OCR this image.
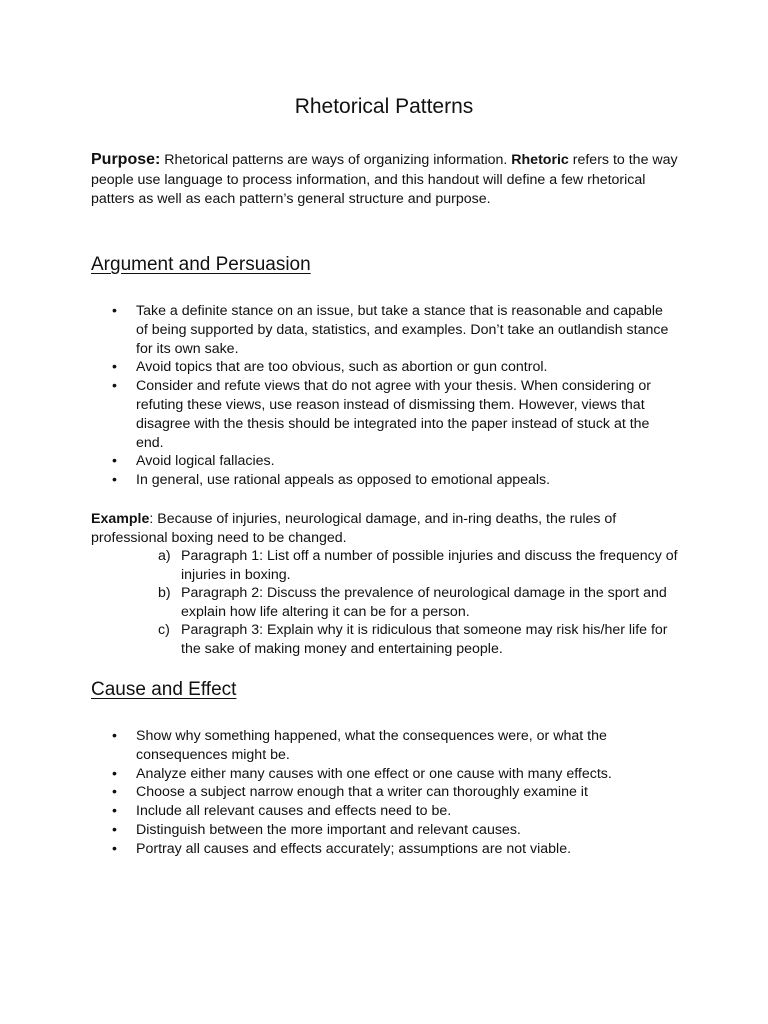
Rhetorical Patterns

Purpose: Rhetorical patterns are ways of organizing information. Rhetoric refers to the way people use language to process information, and this handout will define a few rhetorical patters as well as each pattern’s general structure and purpose.

Argument and Persuasion
• Take a definite stance on an issue, but take a stance that is reasonable and capable of being supported by data, statistics, and examples. Don’t take an outlandish stance for its own sake.
• Avoid topics that are too obvious, such as abortion or gun control.
• Consider and refute views that do not agree with your thesis. When considering or refuting these views, use reason instead of dismissing them. However, views that disagree with the thesis should be integrated into the paper instead of stuck at the end.
• Avoid logical fallacies.
• In general, use rational appeals as opposed to emotional appeals.

Example: Because of injuries, neurological damage, and in-ring deaths, the rules of professional boxing need to be changed.

a) Paragraph 1: List off a number of possible injuries and discuss the frequency of injuries in boxing.
b) Paragraph 2: Discuss the prevalence of neurological damage in the sport and explain how life altering it can be for a person.
c) Paragraph 3: Explain why it is ridiculous that someone may risk his/her life for the sake of making money and entertaining people.
Cause and Effect
• Show why something happened, what the consequences were, or what the consequences might be.
• Analyze either many causes with one effect or one cause with many effects.
• Choose a subject narrow enough that a writer can thoroughly examine it
• Include all relevant causes and effects need to be.
• Distinguish between the more important and relevant causes.
• Portray all causes and effects accurately; assumptions are not viable.
